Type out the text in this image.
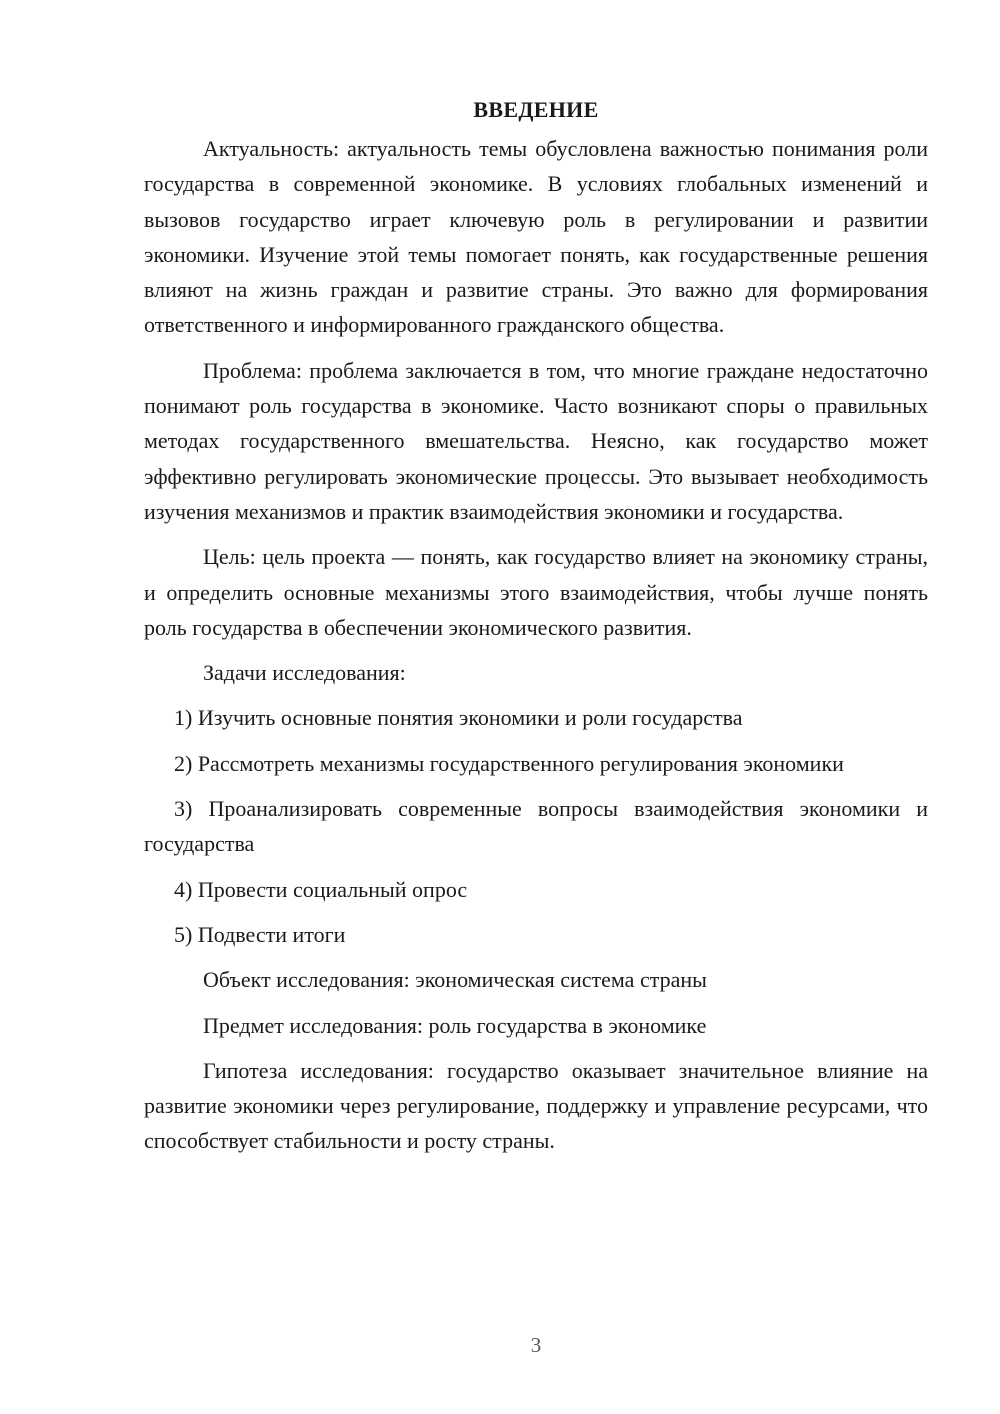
ВВЕДЕНИЕ

Актуальность: актуальность темы обусловлена важностью понимания роли государства в современной экономике. В условиях глобальных изменений и вызовов государство играет ключевую роль в регулировании и развитии экономики. Изучение этой темы помогает понять, как государственные решения влияют на жизнь граждан и развитие страны. Это важно для формирования ответственного и информированного гражданского общества.

Проблема: проблема заключается в том, что многие граждане недостаточно понимают роль государства в экономике. Часто возникают споры о правильных методах государственного вмешательства. Неясно, как государство может эффективно регулировать экономические процессы. Это вызывает необходимость изучения механизмов и практик взаимодействия экономики и государства.

Цель: цель проекта — понять, как государство влияет на экономику страны, и определить основные механизмы этого взаимодействия, чтобы лучше понять роль государства в обеспечении экономического развития.

Задачи исследования:

1) Изучить основные понятия экономики и роли государства

2) Рассмотреть механизмы государственного регулирования экономики

3) Проанализировать современные вопросы взаимодействия экономики и государства

4) Провести социальный опрос

5) Подвести итоги

Объект исследования: экономическая система страны

Предмет исследования: роль государства в экономике

Гипотеза исследования: государство оказывает значительное влияние на развитие экономики через регулирование, поддержку и управление ресурсами, что способствует стабильности и росту страны.

3
